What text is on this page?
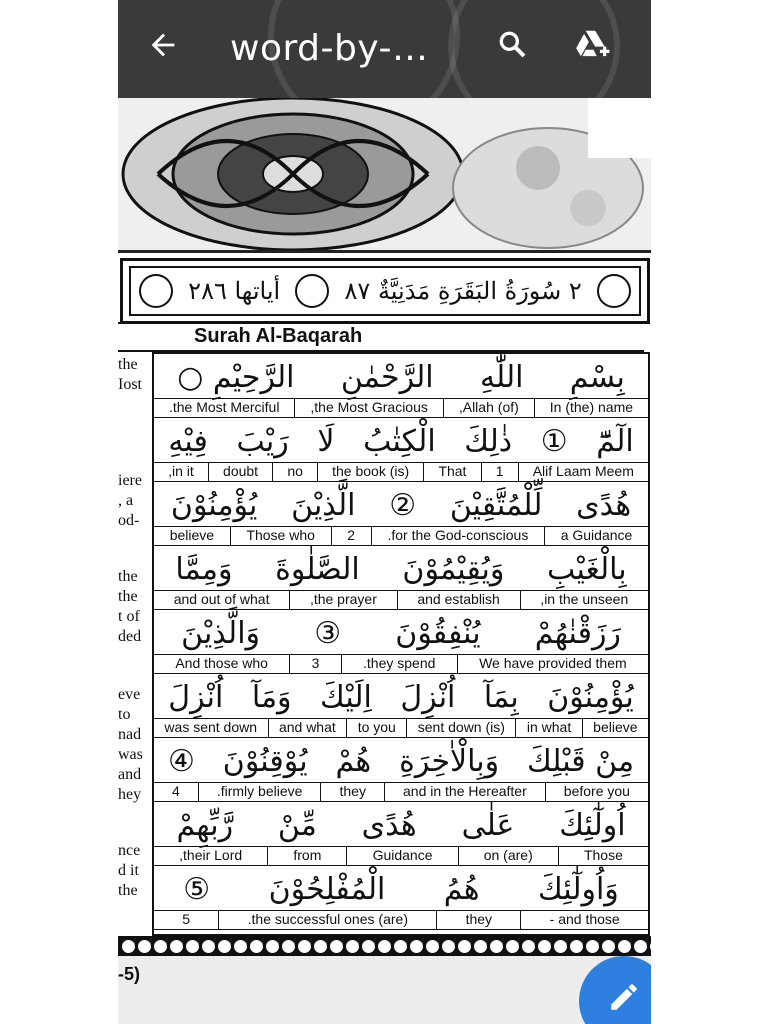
word-by-…
أياتها ٢٨٦	٢ سُورَةُ البَقَرَةِ مَدَنِيَّةٌ ٨٧
Surah Al-Baqarah
the
Iost
iere
, a
od-
the
the
t of
ded
eve
to
nad
was
and
hey
nce
d it
the
بِسْمِ
اللّٰهِ
الرَّحْمٰنِ
الرَّحِيْمِ ○
In (the) name
(of) Allah,
the Most Gracious,
the Most Merciful.
الٓمّٓ
①
ذٰلِكَ
الْكِتٰبُ
لَا
رَيْبَ
فِيْهِ
Alif Laam Meem
1
That
(is) the book
no
doubt
in it,
هُدًى
لِّلْمُتَّقِيْنَ
②
الَّذِيْنَ
يُؤْمِنُوْنَ
a Guidance
for the God-conscious.
2
Those who
believe
بِالْغَيْبِ
وَيُقِيْمُوْنَ
الصَّلٰوةَ
وَمِمَّا
in the unseen,
and establish
the prayer,
and out of what
رَزَقْنٰهُمْ
يُنْفِقُوْنَ
③
وَالَّذِيْنَ
We have provided them
they spend.
3
And those who
يُؤْمِنُوْنَ
بِمَآ
اُنْزِلَ
اِلَيْكَ
وَمَآ
اُنْزِلَ
believe
in what
(is) sent down
to you
and what
was sent down
مِنْ قَبْلِكَ
وَبِالْاٰخِرَةِ
هُمْ
يُوْقِنُوْنَ
④
before you
and in the Hereafter
they
firmly believe.
4
اُولٰٓئِكَ
عَلٰى
هُدًى
مِّنْ
رَّبِّهِمْ
Those
(are) on
Guidance
from
their Lord,
وَاُولٰٓئِكَ
هُمُ
الْمُفْلِحُوْنَ
⑤
and those -
they
(are) the successful ones.
5
-5)
